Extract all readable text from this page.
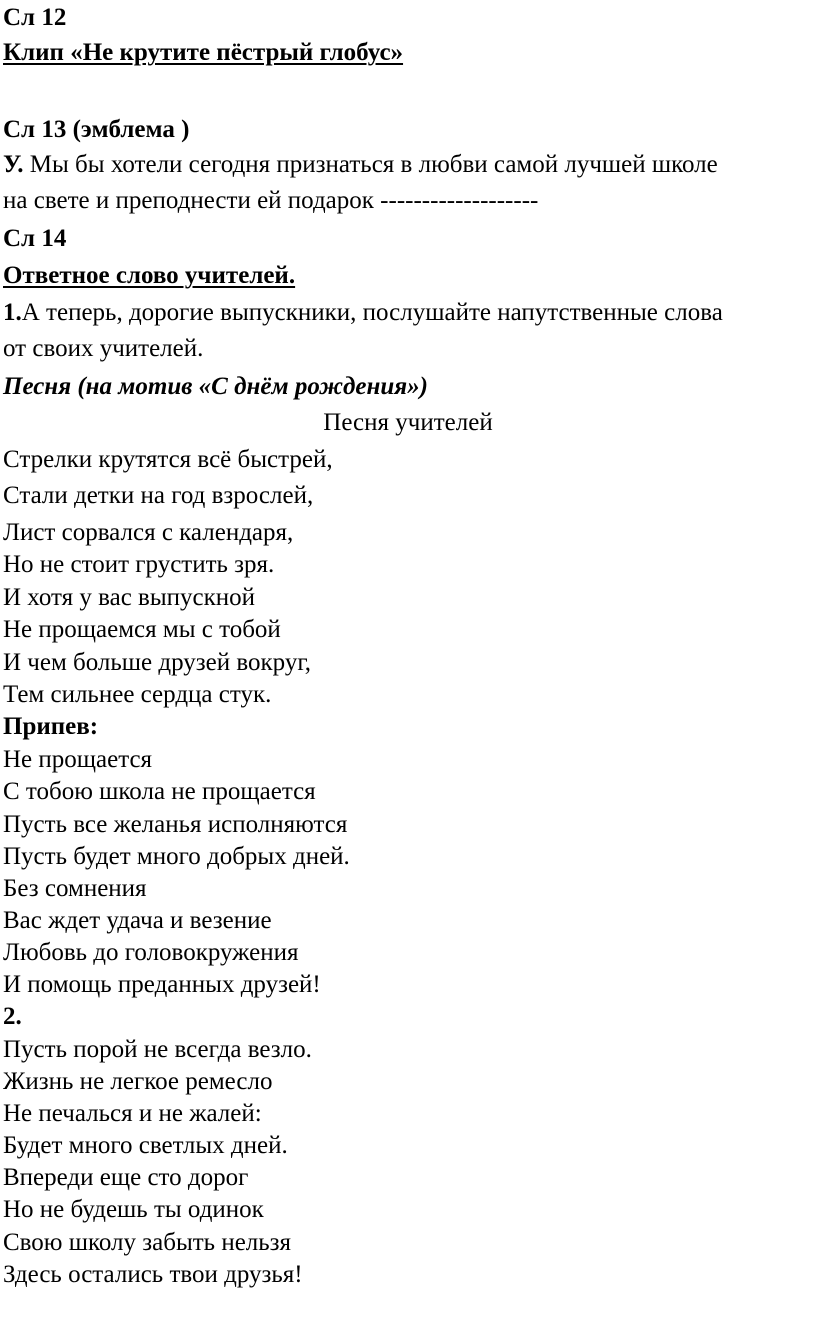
Сл 12
Клип «Не крутите пёстрый глобус»
Сл 13 (эмблема )
У. Мы бы хотели сегодня признаться в любви самой лучшей школе
на свете и преподнести ей подарок -------------------
Сл 14
Ответное слово учителей.
1.А теперь, дорогие выпускники, послушайте напутственные слова
от своих учителей.
Песня (на мотив «С днём рождения»)
Песня учителей
Стрелки крутятся всё быстрей,
Стали детки на год взрослей,
Лист сорвался с календаря,
Но не стоит грустить зря.
И хотя у вас выпускной
Не прощаемся мы с тобой
И чем больше друзей вокруг,
Тем сильнее сердца стук.
Припев:
Не прощается
С тобою школа не прощается
Пусть все желанья исполняются
Пусть будет много добрых дней.
Без сомнения
Вас ждет удача и везение
Любовь до головокружения
И помощь преданных друзей!
2.
Пусть порой не всегда везло.
Жизнь не легкое ремесло
Не печалься и не жалей:
Будет много светлых дней.
Впереди еще сто дорог
Но не будешь ты одинок
Свою школу забыть нельзя
Здесь остались твои друзья!
